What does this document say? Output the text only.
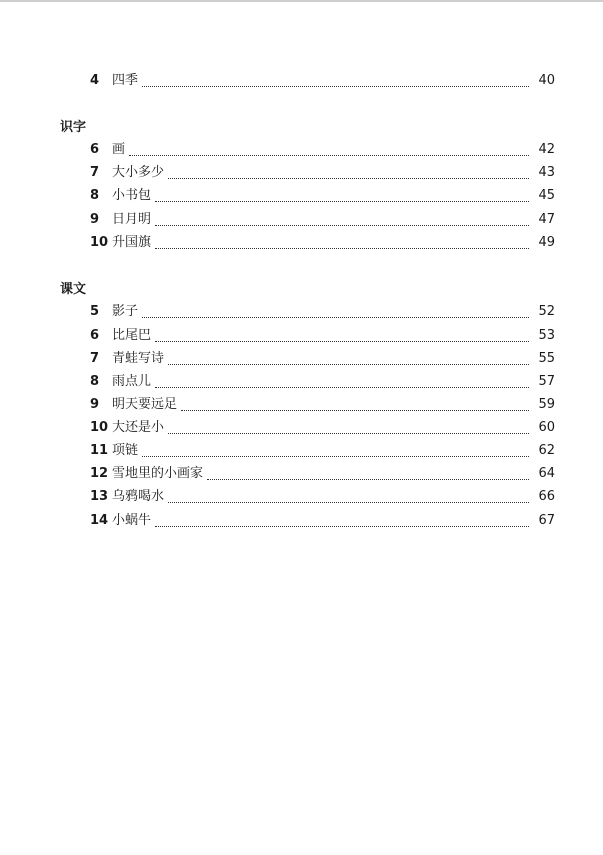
4 四季	40
识字
6 画	42
7 大小多少	43
8 小书包	45
9 日月明	47
10 升国旗	49
课文
5 影子	52
6 比尾巴	53
7 青蛙写诗	55
8 雨点儿	57
9 明天要远足	59
10 大还是小	60
11 项链	62
12 雪地里的小画家	64
13 乌鸦喝水	66
14 小蜗牛	67
